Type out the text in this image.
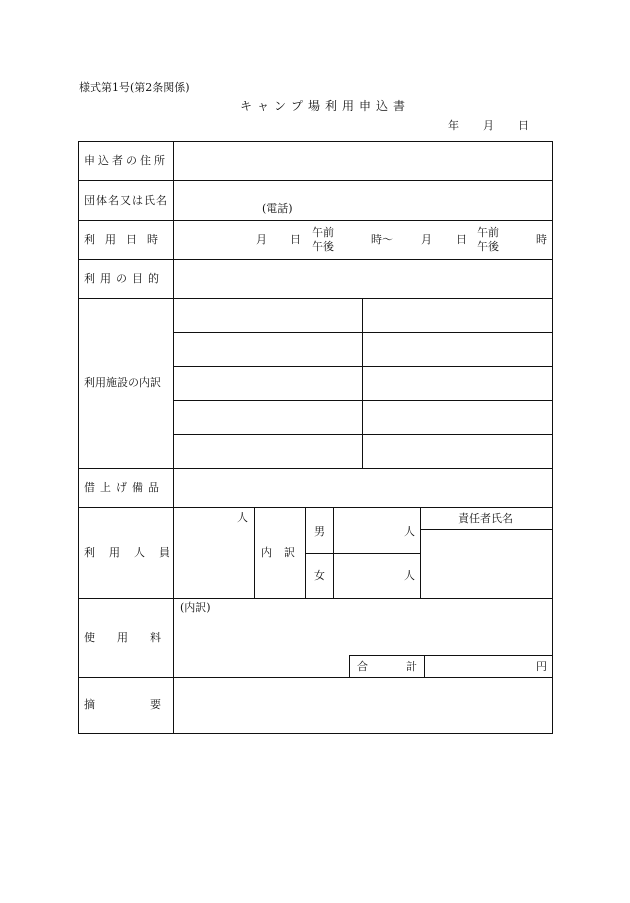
様式第1号(第2条関係)
キャンプ場利用申込書
年 月 日
申込者の住所
団体名又は氏名
(電話)
利用日時
利用の目的
利用施設の内訳
借上げ備品
利用人員
使用料
摘要
月 日
午前
午後
時〜	月 日
午前
午後
時
人
内訳
男
女
人
人
責任者氏名
(内訳)
合計	円
